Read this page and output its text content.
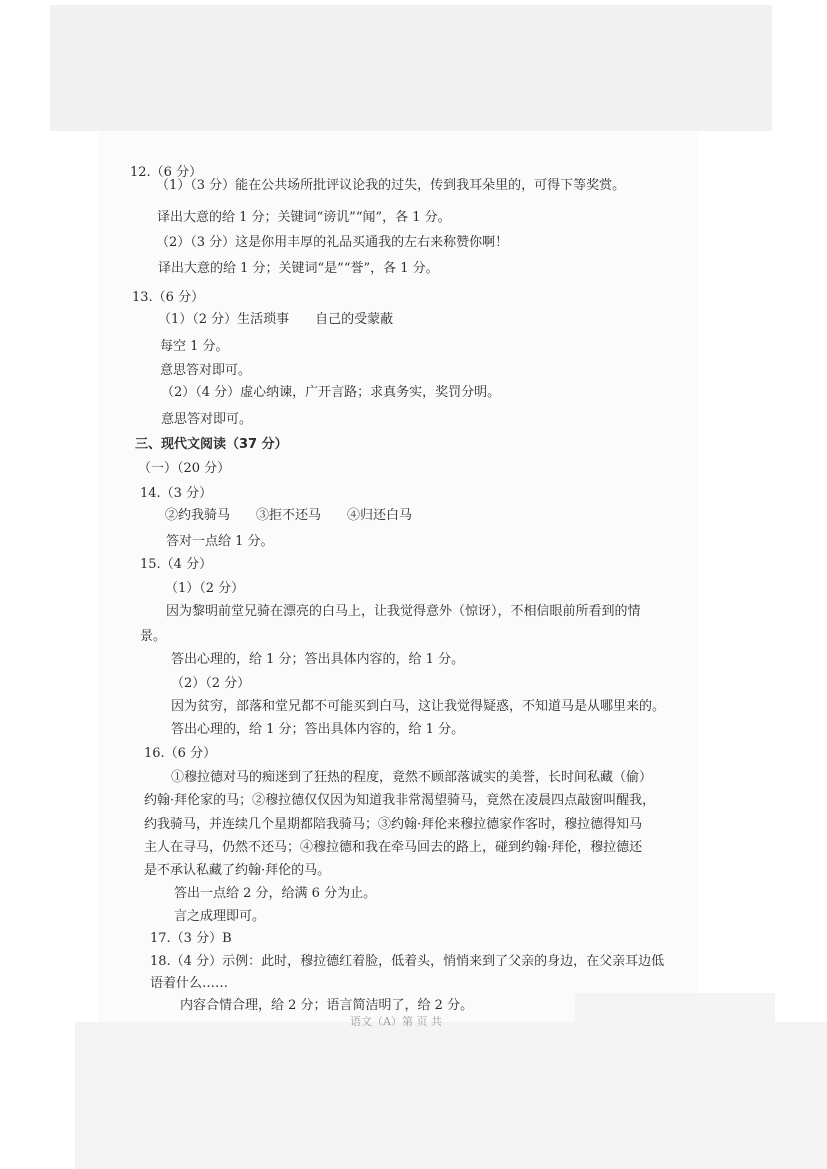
12.（6 分）
（1）（3 分）能在公共场所批评议论我的过失，传到我耳朵里的，可得下等奖赏。
译出大意的给 1 分；关键词“谤讥”“闻”，各 1 分。
（2）（3 分）这是你用丰厚的礼品买通我的左右来称赞你啊！
译出大意的给 1 分；关键词“是”“誉”，各 1 分。
13.（6 分）
（1）（2 分）生活琐事　　自己的受蒙蔽
每空 1 分。
意思答对即可。
（2）（4 分）虚心纳谏，广开言路；求真务实，奖罚分明。
意思答对即可。
三、现代文阅读（37 分）
（一）（20 分）
14.（3 分）
②约我骑马　　③拒不还马　　④归还白马
答对一点给 1 分。
15.（4 分）
（1）（2 分）
因为黎明前堂兄骑在漂亮的白马上，让我觉得意外（惊讶），不相信眼前所看到的情
景。
答出心理的，给 1 分；答出具体内容的，给 1 分。
（2）（2 分）
因为贫穷，部落和堂兄都不可能买到白马，这让我觉得疑惑，不知道马是从哪里来的。
答出心理的，给 1 分；答出具体内容的，给 1 分。
16.（6 分）
①穆拉德对马的痴迷到了狂热的程度，竟然不顾部落诚实的美誉，长时间私藏（偷）
约翰·拜伦家的马；②穆拉德仅仅因为知道我非常渴望骑马，竟然在凌晨四点敲窗叫醒我，
约我骑马，并连续几个星期都陪我骑马；③约翰·拜伦来穆拉德家作客时，穆拉德得知马
主人在寻马，仍然不还马；④穆拉德和我在牵马回去的路上，碰到约翰·拜伦，穆拉德还
是不承认私藏了约翰·拜伦的马。
答出一点给 2 分，给满 6 分为止。
言之成理即可。
17.（3 分）B
18.（4 分）示例：此时，穆拉德红着脸，低着头，悄悄来到了父亲的身边，在父亲耳边低
语着什么……
内容合情合理，给 2 分；语言简洁明了，给 2 分。
语文（A）第 页 共
